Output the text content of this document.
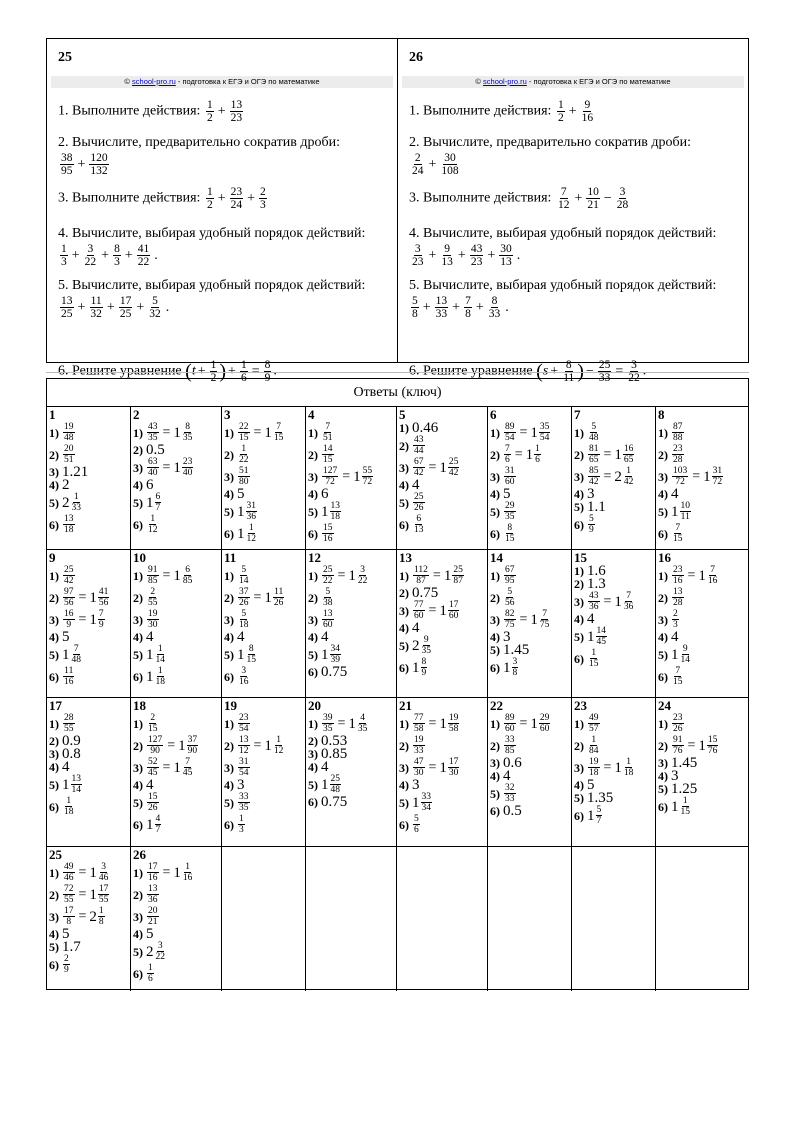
25
© school-pro.ru - подготовка к ЕГЭ и ОГЭ по математике
1. Выполните действия: $\frac{1}{2} + \frac{13}{23}$
2. Вычислите, предварительно сократив дроби:
$\frac{38}{95} + \frac{120}{132}$
3. Выполните действия: $\frac{1}{2} + \frac{23}{24} + \frac{2}{3}$
4. Вычислите, выбирая удобный порядок действий:
$\frac{1}{3} + \frac{3}{22} + \frac{8}{3} + \frac{41}{22}$ .
5. Вычислите, выбирая удобный порядок действий:
$\frac{13}{25} + \frac{11}{32} + \frac{17}{25} + \frac{5}{32}$ .
6. Решите уравнение ($t + \frac{1}{2}$ ) + $\frac{1}{6} = \frac{8}{9}$ .
26
© school-pro.ru - подготовка к ЕГЭ и ОГЭ по математике
1. Выполните действия: $\frac{1}{2} + \frac{9}{16}$
2. Вычислите, предварительно сократив дроби:
$\frac{2}{24} + \frac{30}{108}$
3. Выполните действия: $\frac{7}{12} + \frac{10}{21} - \frac{3}{28}$
4. Вычислите, выбирая удобный порядок действий:
$\frac{3}{23} + \frac{9}{13} + \frac{43}{23} + \frac{30}{13}$ .
5. Вычислите, выбирая удобный порядок действий:
$\frac{5}{8} + \frac{13}{33} + \frac{7}{8} + \frac{8}{33}$ .
6. Решите уравнение ($s + \frac{8}{11}$ ) − $\frac{25}{33} = \frac{3}{22}$ .
Ответы (ключ)
1
$1) \frac{19}{48}$
$2) \frac{20}{51}$
3) 1.21
4) 2
5) $2 \frac{1}{33}$
$6) \frac{13}{18}$
2
$1) \frac{43}{35} = 1 \frac{8}{35}$
2) 0.5
$3) \frac{63}{40} = 1 \frac{23}{40}$
4) 6
5) $1 \frac{6}{7}$
$6) \frac{1}{12}$
3
$1) \frac{22}{15} = 1 \frac{7}{15}$
$2) \frac{1}{22}$
$3) \frac{51}{80}$
4) 5
5) $1 \frac{31}{36}$
6) $1 \frac{1}{12}$
4
$1) \frac{7}{51}$
$2) \frac{14}{15}$
$3) \frac{127}{72} = 1 \frac{55}{72}$
4) 6
5) $1 \frac{13}{18}$
$6) \frac{15}{16}$
5
1) 0.46
$2) \frac{43}{44}$
$3) \frac{67}{42} = 1 \frac{25}{42}$
4) 4
$5) \frac{25}{26}$
$6) \frac{6}{13}$
6
$1) \frac{89}{54} = 1 \frac{35}{54}$
$2) \frac{7}{6} = 1 \frac{1}{6}$
$3) \frac{31}{60}$
4) 5
$5) \frac{29}{35}$
$6) \frac{8}{15}$
7
$1) \frac{5}{48}$
$2) \frac{81}{65} = 1 \frac{16}{65}$
$3) \frac{85}{42} = 2 \frac{1}{42}$
4) 3
5) 1.1
$6) \frac{5}{9}$
8
$1) \frac{87}{88}$
$2) \frac{23}{28}$
$3) \frac{103}{72} = 1 \frac{31}{72}$
4) 4
5) $1 \frac{10}{11}$
$6) \frac{7}{15}$
9
$1) \frac{25}{42}$
$2) \frac{97}{56} = 1 \frac{41}{56}$
$3) \frac{16}{9} = 1 \frac{7}{9}$
4) 5
5) $1 \frac{7}{48}$
$6) \frac{11}{16}$
10
$1) \frac{91}{85} = 1 \frac{6}{85}$
$2) \frac{2}{55}$
$3) \frac{19}{30}$
4) 4
5) $1 \frac{1}{14}$
6) $1 \frac{1}{18}$
11
$1) \frac{5}{14}$
$2) \frac{37}{26} = 1 \frac{11}{26}$
$3) \frac{5}{18}$
4) 4
5) $1 \frac{8}{15}$
$6) \frac{3}{16}$
12
$1) \frac{25}{22} = 1 \frac{3}{22}$
$2) \frac{5}{38}$
$3) \frac{13}{60}$
4) 4
5) $1 \frac{34}{39}$
6) 0.75
13
$1) \frac{112}{87} = 1 \frac{25}{87}$
2) 0.75
$3) \frac{77}{60} = 1 \frac{17}{60}$
4) 4
5) $2 \frac{9}{35}$
6) $1 \frac{8}{9}$
14
$1) \frac{67}{95}$
$2) \frac{5}{56}$
$3) \frac{82}{75} = 1 \frac{7}{75}$
4) 3
5) 1.45
6) $1 \frac{3}{8}$
15
1) 1.6
2) 1.3
$3) \frac{43}{36} = 1 \frac{7}{36}$
4) 4
5) $1 \frac{14}{45}$
$6) \frac{1}{15}$
16
$1) \frac{23}{16} = 1 \frac{7}{16}$
$2) \frac{13}{28}$
$3) \frac{2}{3}$
4) 4
5) $1 \frac{9}{14}$
$6) \frac{7}{15}$
17
$1) \frac{28}{55}$
2) 0.9
3) 0.8
4) 4
5) $1 \frac{13}{14}$
$6) \frac{1}{18}$
18
$1) \frac{2}{15}$
$2) \frac{127}{90} = 1 \frac{37}{90}$
$3) \frac{52}{45} = 1 \frac{7}{45}$
4) 4
$5) \frac{15}{26}$
6) $1 \frac{4}{7}$
19
$1) \frac{23}{54}$
$2) \frac{13}{12} = 1 \frac{1}{12}$
$3) \frac{31}{54}$
4) 3
$5) \frac{33}{35}$
$6) \frac{1}{3}$
20
$1) \frac{39}{35} = 1 \frac{4}{35}$
2) 0.53
3) 0.85
4) 4
5) $1 \frac{25}{48}$
6) 0.75
21
$1) \frac{77}{58} = 1 \frac{19}{58}$
$2) \frac{19}{33}$
$3) \frac{47}{30} = 1 \frac{17}{30}$
4) 3
5) $1 \frac{33}{34}$
$6) \frac{5}{6}$
22
$1) \frac{89}{60} = 1 \frac{29}{60}$
$2) \frac{33}{85}$
3) 0.6
4) 4
$5) \frac{32}{33}$
6) 0.5
23
$1) \frac{49}{57}$
$2) \frac{1}{84}$
$3) \frac{19}{18} = 1 \frac{1}{18}$
4) 5
5) 1.35
6) $1 \frac{5}{7}$
24
$1) \frac{23}{26}$
$2) \frac{91}{76} = 1 \frac{15}{76}$
3) 1.45
4) 3
5) 1.25
6) $1 \frac{1}{15}$
25
$1) \frac{49}{46} = 1 \frac{3}{46}$
$2) \frac{72}{55} = 1 \frac{17}{55}$
$3) \frac{17}{8} = 2 \frac{1}{8}$
4) 5
5) 1.7
$6) \frac{2}{9}$
26
$1) \frac{17}{16} = 1 \frac{1}{16}$
$2) \frac{13}{36}$
$3) \frac{20}{21}$
4) 5
5) $2 \frac{3}{22}$
$6) \frac{1}{6}$
